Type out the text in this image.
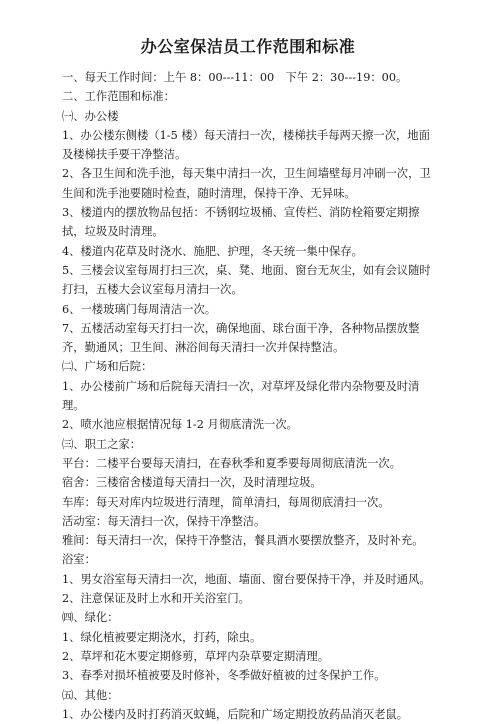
办公室保洁员工作范围和标准

一、每天工作时间：上午 8：00---11：00　下午 2：30---19：00。

二、工作范围和标准：

㈠、办公楼

1、办公楼东侧楼（1-5 楼）每天清扫一次，楼梯扶手每两天擦一次，地面及楼梯扶手要干净整洁。

2、各卫生间和洗手池，每天集中清扫一次，卫生间墙壁每月冲刷一次，卫生间和洗手池要随时检查，随时清理，保持干净、无异味。

3、楼道内的摆放物品包括：不锈钢垃圾桶、宣传栏、消防栓箱要定期擦拭，垃圾及时清理。

4、楼道内花草及时浇水、施肥、护理，冬天统一集中保存。

5、三楼会议室每周打扫三次，桌、凳、地面、窗台无灰尘，如有会议随时打扫，五楼大会议室每月清扫一次。

6、一楼玻璃门每周清洁一次。

7、五楼活动室每天打扫一次，确保地面、球台面干净，各种物品摆放整齐，勤通风；卫生间、淋浴间每天清扫一次并保持整洁。

㈡、广场和后院：

1、办公楼前广场和后院每天清扫一次，对草坪及绿化带内杂物要及时清理。

2、喷水池应根据情况每 1-2 月彻底清洗一次。

㈢、职工之家：

平台：二楼平台要每天清扫，在春秋季和夏季要每周彻底清洗一次。

宿舍：三楼宿舍楼道每天清扫一次，及时清理垃圾。

车库：每天对库内垃圾进行清理，简单清扫，每周彻底清扫一次。

活动室：每天清扫一次，保持干净整洁。

雅间：每天清扫一次，保持干净整洁，餐具酒水要摆放整齐，及时补充。

浴室：

1、男女浴室每天清扫一次，地面、墙面、窗台要保持干净，并及时通风。

2、注意保证及时上水和开关浴室门。

㈣、绿化：

1、绿化植被要定期浇水，打药，除虫。

2、草坪和花木要定期修剪，草坪内杂草要定期清理。

3、春季对损坏植被要及时修补，冬季做好植被的过冬保护工作。

㈤、其他：

1、办公楼内及时打药消灭蚊蝇，后院和广场定期投放药品消灭老鼠。
